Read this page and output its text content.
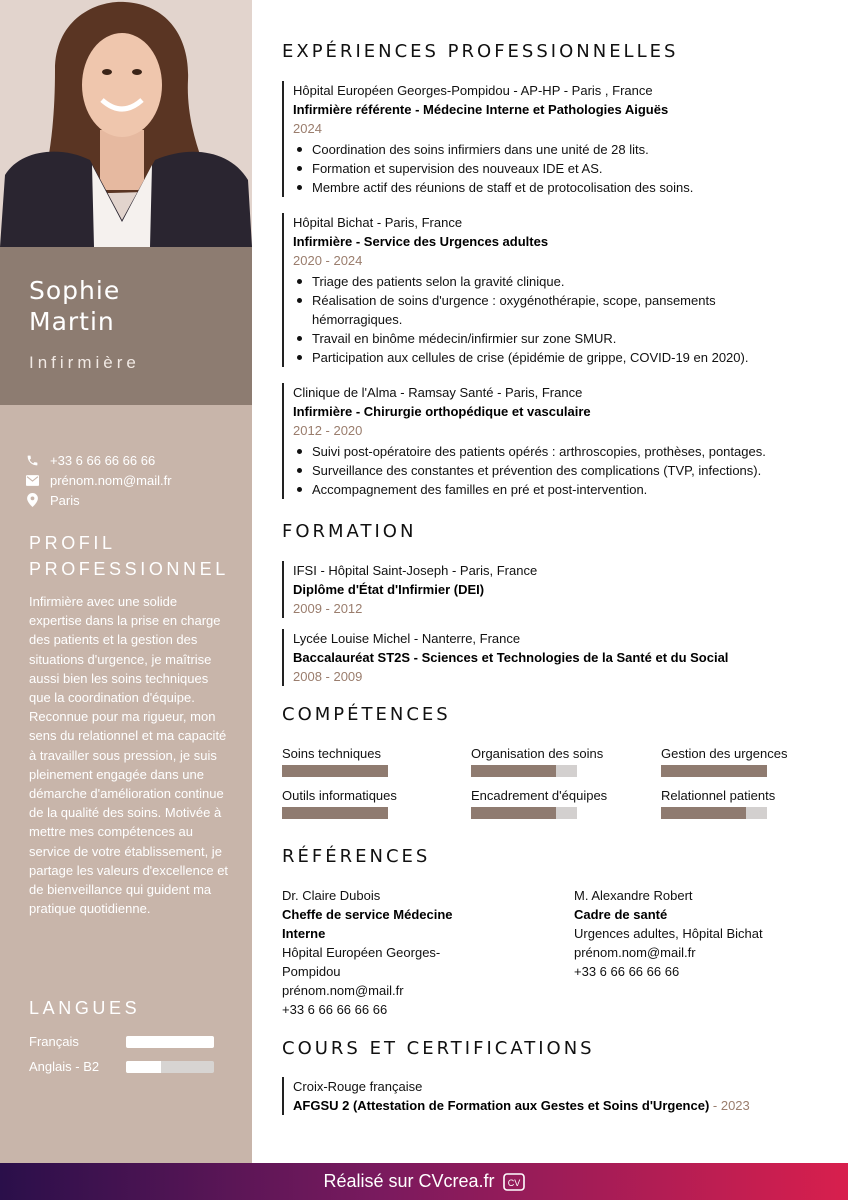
Sophie
Martin
Infirmière
+33 6 66 66 66 66
prénom.nom@mail.fr
Paris
PROFIL
PROFESSIONNEL
Infirmière avec une solide expertise dans la prise en charge des patients et la gestion des situations d'urgence, je maîtrise aussi bien les soins techniques que la coordination d'équipe. Reconnue pour ma rigueur, mon sens du relationnel et ma capacité à travailler sous pression, je suis pleinement engagée dans une démarche d'amélioration continue de la qualité des soins. Motivée à mettre mes compétences au service de votre établissement, je partage les valeurs d'excellence et de bienveillance qui guident ma pratique quotidienne.
LANGUES
Français
Anglais - B2
EXPÉRIENCES PROFESSIONNELLES
Hôpital Européen Georges-Pompidou - AP-HP - Paris , France
Infirmière référente - Médecine Interne et Pathologies Aiguës
2024
Coordination des soins infirmiers dans une unité de 28 lits.
Formation et supervision des nouveaux IDE et AS.
Membre actif des réunions de staff et de protocolisation des soins.
Hôpital Bichat - Paris, France
Infirmière - Service des Urgences adultes
2020 - 2024
Triage des patients selon la gravité clinique.
Réalisation de soins d'urgence : oxygénothérapie, scope, pansements hémorragiques.
Travail en binôme médecin/infirmier sur zone SMUR.
Participation aux cellules de crise (épidémie de grippe, COVID-19 en 2020).
Clinique de l'Alma - Ramsay Santé - Paris, France
Infirmière - Chirurgie orthopédique et vasculaire
2012 - 2020
Suivi post-opératoire des patients opérés : arthroscopies, prothèses, pontages.
Surveillance des constantes et prévention des complications (TVP, infections).
Accompagnement des familles en pré et post-intervention.
FORMATION
IFSI - Hôpital Saint-Joseph - Paris, France
Diplôme d'État d'Infirmier (DEI)
2009 - 2012
Lycée Louise Michel - Nanterre, France
Baccalauréat ST2S - Sciences et Technologies de la Santé et du Social
2008 - 2009
COMPÉTENCES
Soins techniques	Organisation des soins	Gestion des urgences
Outils informatiques	Encadrement d'équipes	Relationnel patients
RÉFÉRENCES
Dr. Claire Dubois
Cheffe de service Médecine Interne
Hôpital Européen Georges-Pompidou
prénom.nom@mail.fr
+33 6 66 66 66 66
M. Alexandre Robert
Cadre de santé
Urgences adultes, Hôpital Bichat
prénom.nom@mail.fr
+33 6 66 66 66 66
COURS ET CERTIFICATIONS
Croix-Rouge française
AFGSU 2 (Attestation de Formation aux Gestes et Soins d'Urgence) - 2023
Réalisé sur CVcrea.fr CV
